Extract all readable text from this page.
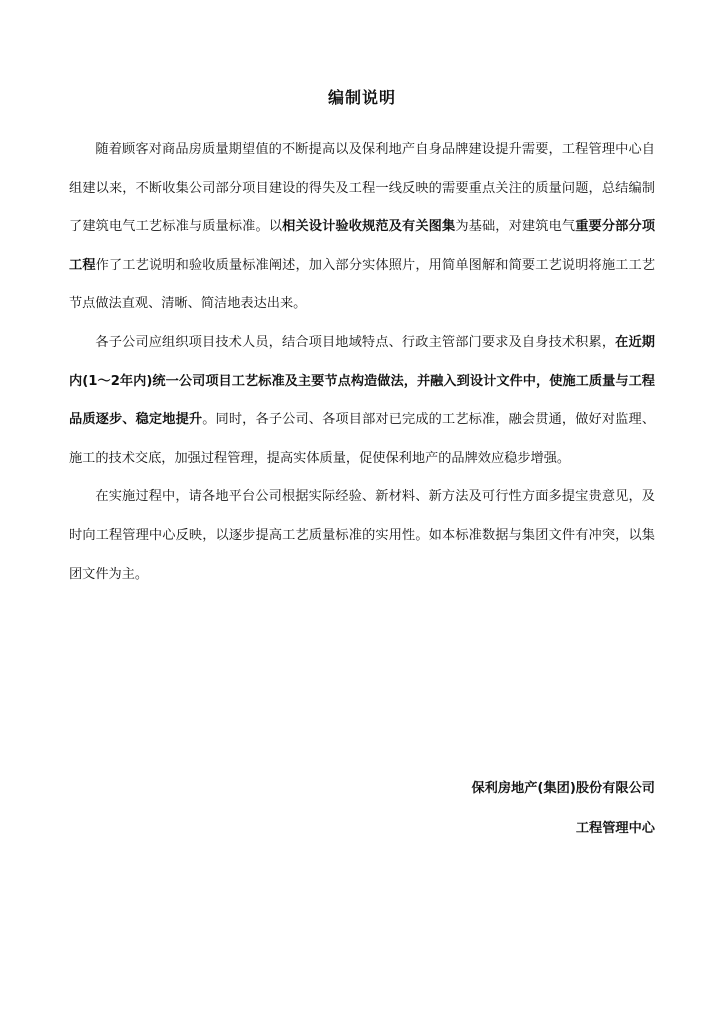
编制说明

随着顾客对商品房质量期望值的不断提高以及保利地产自身品牌建设提升需要，工程管理中心自组建以来，不断收集公司部分项目建设的得失及工程一线反映的需要重点关注的质量问题，总结编制了建筑电气工艺标准与质量标准。以相关设计验收规范及有关图集为基础，对建筑电气重要分部分项工程作了工艺说明和验收质量标准阐述，加入部分实体照片，用简单图解和简要工艺说明将施工工艺节点做法直观、清晰、简洁地表达出来。

各子公司应组织项目技术人员，结合项目地域特点、行政主管部门要求及自身技术积累，在近期内(1～2年内)统一公司项目工艺标准及主要节点构造做法，并融入到设计文件中，使施工质量与工程品质逐步、稳定地提升。同时，各子公司、各项目部对已完成的工艺标准，融会贯通，做好对监理、施工的技术交底，加强过程管理，提高实体质量，促使保利地产的品牌效应稳步增强。

在实施过程中，请各地平台公司根据实际经验、新材料、新方法及可行性方面多提宝贵意见，及时向工程管理中心反映，以逐步提高工艺质量标准的实用性。如本标准数据与集团文件有冲突，以集团文件为主。

保利房地产(集团)股份有限公司
工程管理中心
